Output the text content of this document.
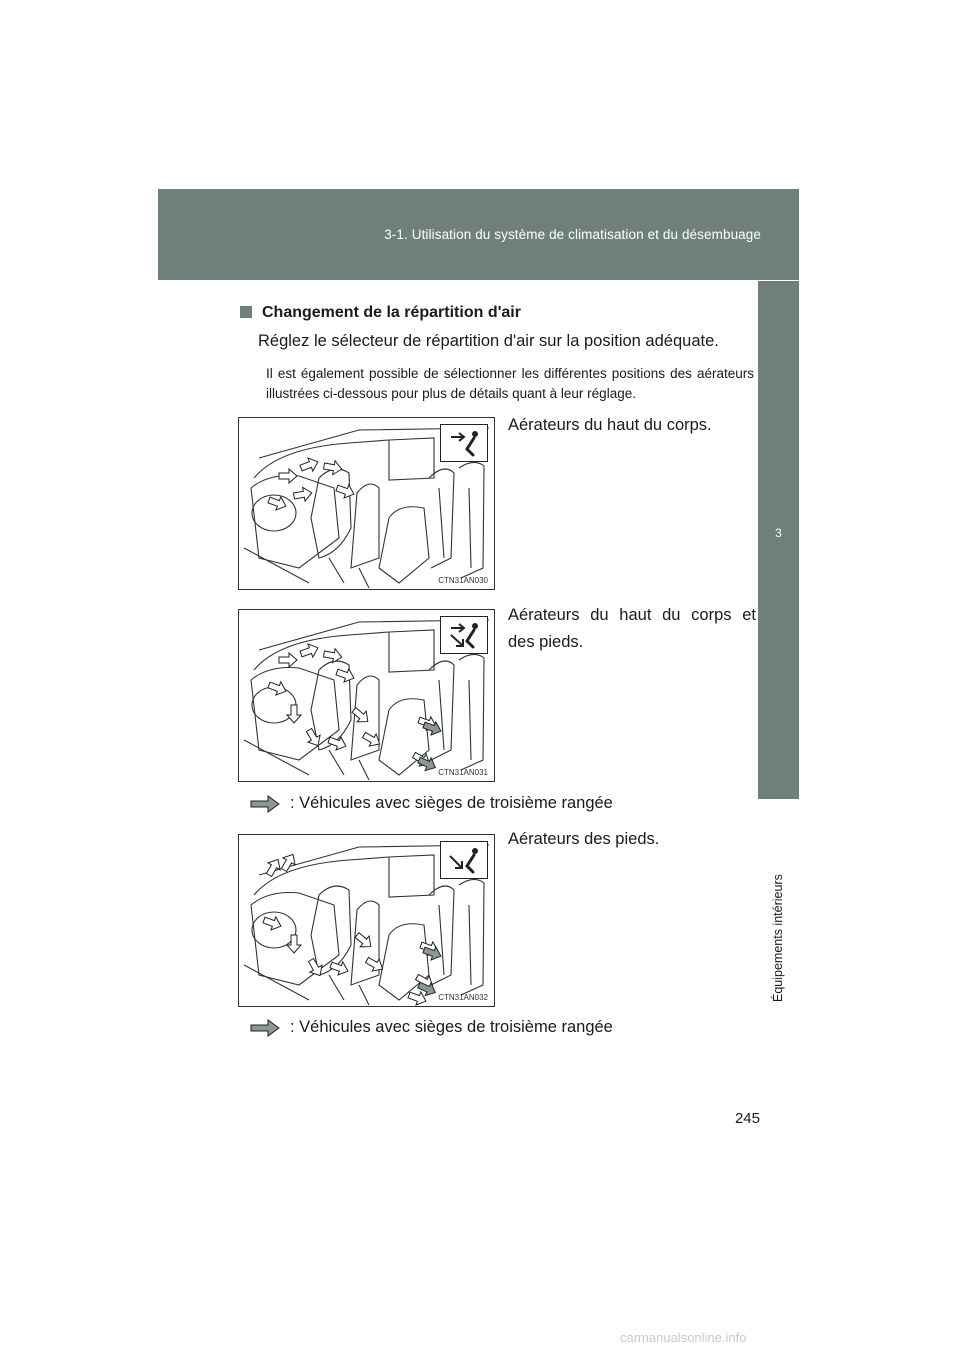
3-1. Utilisation du système de climatisation et du désembuage
3
Équipements intérieurs
Changement de la répartition d'air
Réglez le sélecteur de répartition d'air sur la position adéquate.
Il est également possible de sélectionner les différentes positions des aérateurs illustrées ci-dessous pour plus de détails quant à leur réglage.
CTN31AN030
Aérateurs du haut du corps.
CTN31AN031
Aérateurs du haut du corps et des pieds.
: Véhicules avec sièges de troisième rangée
CTN31AN032
Aérateurs des pieds.
: Véhicules avec sièges de troisième rangée
245
carmanualsonline.info
